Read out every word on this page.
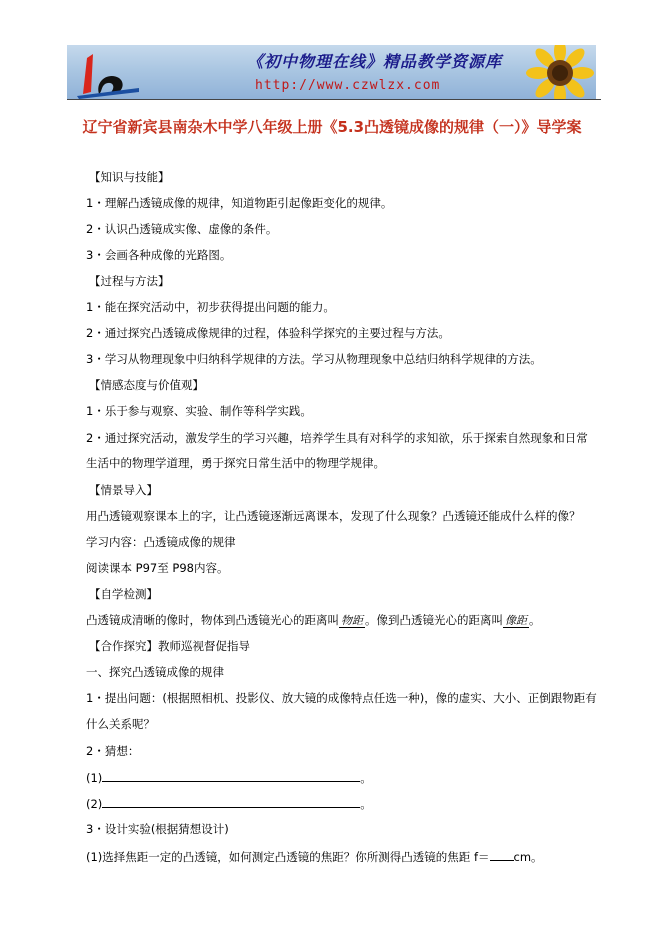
《初中物理在线》精品教学资源库
http://www.czwlzx.com
辽宁省新宾县南杂木中学八年级上册《5.3凸透镜成像的规律（一）》导学案
【知识与技能】
1・理解凸透镜成像的规律，知道物距引起像距变化的规律。
2・认识凸透镜成实像、虚像的条件。
3・会画各种成像的光路图。
【过程与方法】
1・能在探究活动中，初步获得提出问题的能力。
2・通过探究凸透镜成像规律的过程，体验科学探究的主要过程与方法。
3・学习从物理现象中归纳科学规律的方法。学习从物理现象中总结归纳科学规律的方法。
【情感态度与价值观】
1・乐于参与观察、实验、制作等科学实践。
2・通过探究活动，激发学生的学习兴趣，培养学生具有对科学的求知欲，乐于探索自然现象和日常
生活中的物理学道理，勇于探究日常生活中的物理学规律。
【情景导入】
用凸透镜观察课本上的字，让凸透镜逐渐远离课本，发现了什么现象？凸透镜还能成什么样的像？
学习内容：凸透镜成像的规律
阅读课本 P97至 P98内容。
【自学检测】
凸透镜成清晰的像时，物体到凸透镜光心的距离叫 物距 。像到凸透镜光心的距离叫 像距 。
【合作探究】教师巡视督促指导
一、探究凸透镜成像的规律
1・提出问题：(根据照相机、投影仪、放大镜的成像特点任选一种)，像的虚实、大小、正倒跟物距有
什么关系呢？
2・猜想：
(1)	。
(2)	。
3・设计实验(根据猜想设计)
(1)选择焦距一定的凸透镜，如何测定凸透镜的焦距？你所测得凸透镜的焦距 f＝ cm。
